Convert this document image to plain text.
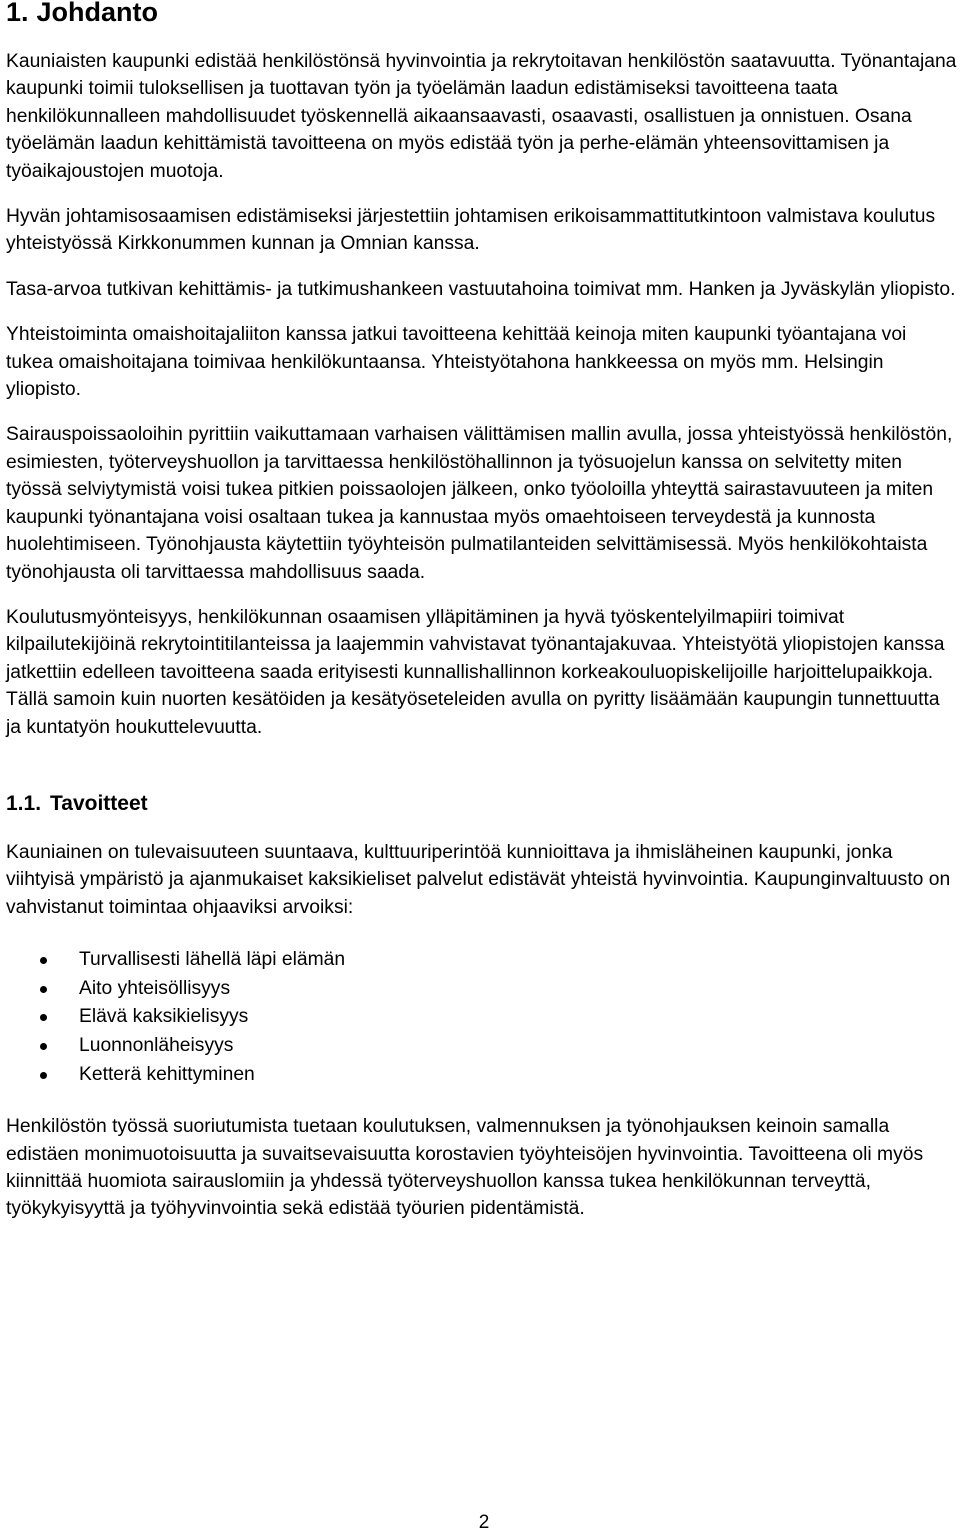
1. Johdanto

Kauniaisten kaupunki edistää henkilöstönsä hyvinvointia ja rekrytoitavan henkilöstön saatavuutta. Työnantajana kaupunki toimii tuloksellisen ja tuottavan työn ja työelämän laadun edistämiseksi tavoitteena taata henkilökunnalleen mahdollisuudet työskennellä aikaansaavasti, osaavasti, osallistuen ja onnistuen. Osana työelämän laadun kehittämistä tavoitteena on myös edistää työn ja perhe-elämän yhteensovittamisen ja työaikajoustojen muotoja.

Hyvän johtamisosaamisen edistämiseksi järjestettiin johtamisen erikoisammattitutkintoon valmistava koulutus yhteistyössä Kirkkonummen kunnan ja Omnian kanssa.

Tasa-arvoa tutkivan kehittämis- ja tutkimushankeen vastuutahoina toimivat mm. Hanken ja Jyväskylän yliopisto.

Yhteistoiminta omaishoitajaliiton kanssa jatkui tavoitteena kehittää keinoja miten kaupunki työantajana voi tukea omaishoitajana toimivaa henkilökuntaansa. Yhteistyötahona hankkeessa on myös mm. Helsingin yliopisto.

Sairauspoissaoloihin pyrittiin vaikuttamaan varhaisen välittämisen mallin avulla, jossa yhteistyössä henkilöstön, esimiesten, työterveyshuollon ja tarvittaessa henkilöstöhallinnon ja työsuojelun kanssa on selvitetty miten työssä selviytymistä voisi tukea pitkien poissaolojen jälkeen, onko työoloilla yhteyttä sairastavuuteen ja miten kaupunki työnantajana voisi osaltaan tukea ja kannustaa myös omaehtoiseen terveydestä ja kunnosta huolehtimiseen. Työnohjausta käytettiin työyhteisön pulmatilanteiden selvittämisessä. Myös henkilökohtaista työnohjausta oli tarvittaessa mahdollisuus saada.

Koulutusmyönteisyys, henkilökunnan osaamisen ylläpitäminen ja hyvä työskentelyilmapiiri toimivat kilpailutekijöinä rekrytointitilanteissa ja laajemmin vahvistavat työnantajakuvaa. Yhteistyötä yliopistojen kanssa jatkettiin edelleen tavoitteena saada erityisesti kunnallishallinnon korkeakouluopiskelijoille harjoittelupaikkoja. Tällä samoin kuin nuorten kesätöiden ja kesätyöseteleiden avulla on pyritty lisäämään kaupungin tunnettuutta ja kuntatyön houkuttelevuutta.

1.1. Tavoitteet

Kauniainen on tulevaisuuteen suuntaava, kulttuuriperintöä kunnioittava ja ihmisläheinen kaupunki, jonka viihtyisä ympäristö ja ajanmukaiset kaksikieliset palvelut edistävät yhteistä hyvinvointia. Kaupunginvaltuusto on vahvistanut toimintaa ohjaaviksi arvoiksi:

Turvallisesti lähellä läpi elämän
Aito yhteisöllisyys
Elävä kaksikielisyys
Luonnonläheisyys
Ketterä kehittyminen

Henkilöstön työssä suoriutumista tuetaan koulutuksen, valmennuksen ja työnohjauksen keinoin samalla edistäen monimuotoisuutta ja suvaitsevaisuutta korostavien työyhteisöjen hyvinvointia. Tavoitteena oli myös kiinnittää huomiota sairauslomiin ja yhdessä työterveyshuollon kanssa tukea henkilökunnan terveyttä, työkykyisyyttä ja työhyvinvointia sekä edistää työurien pidentämistä.

2
